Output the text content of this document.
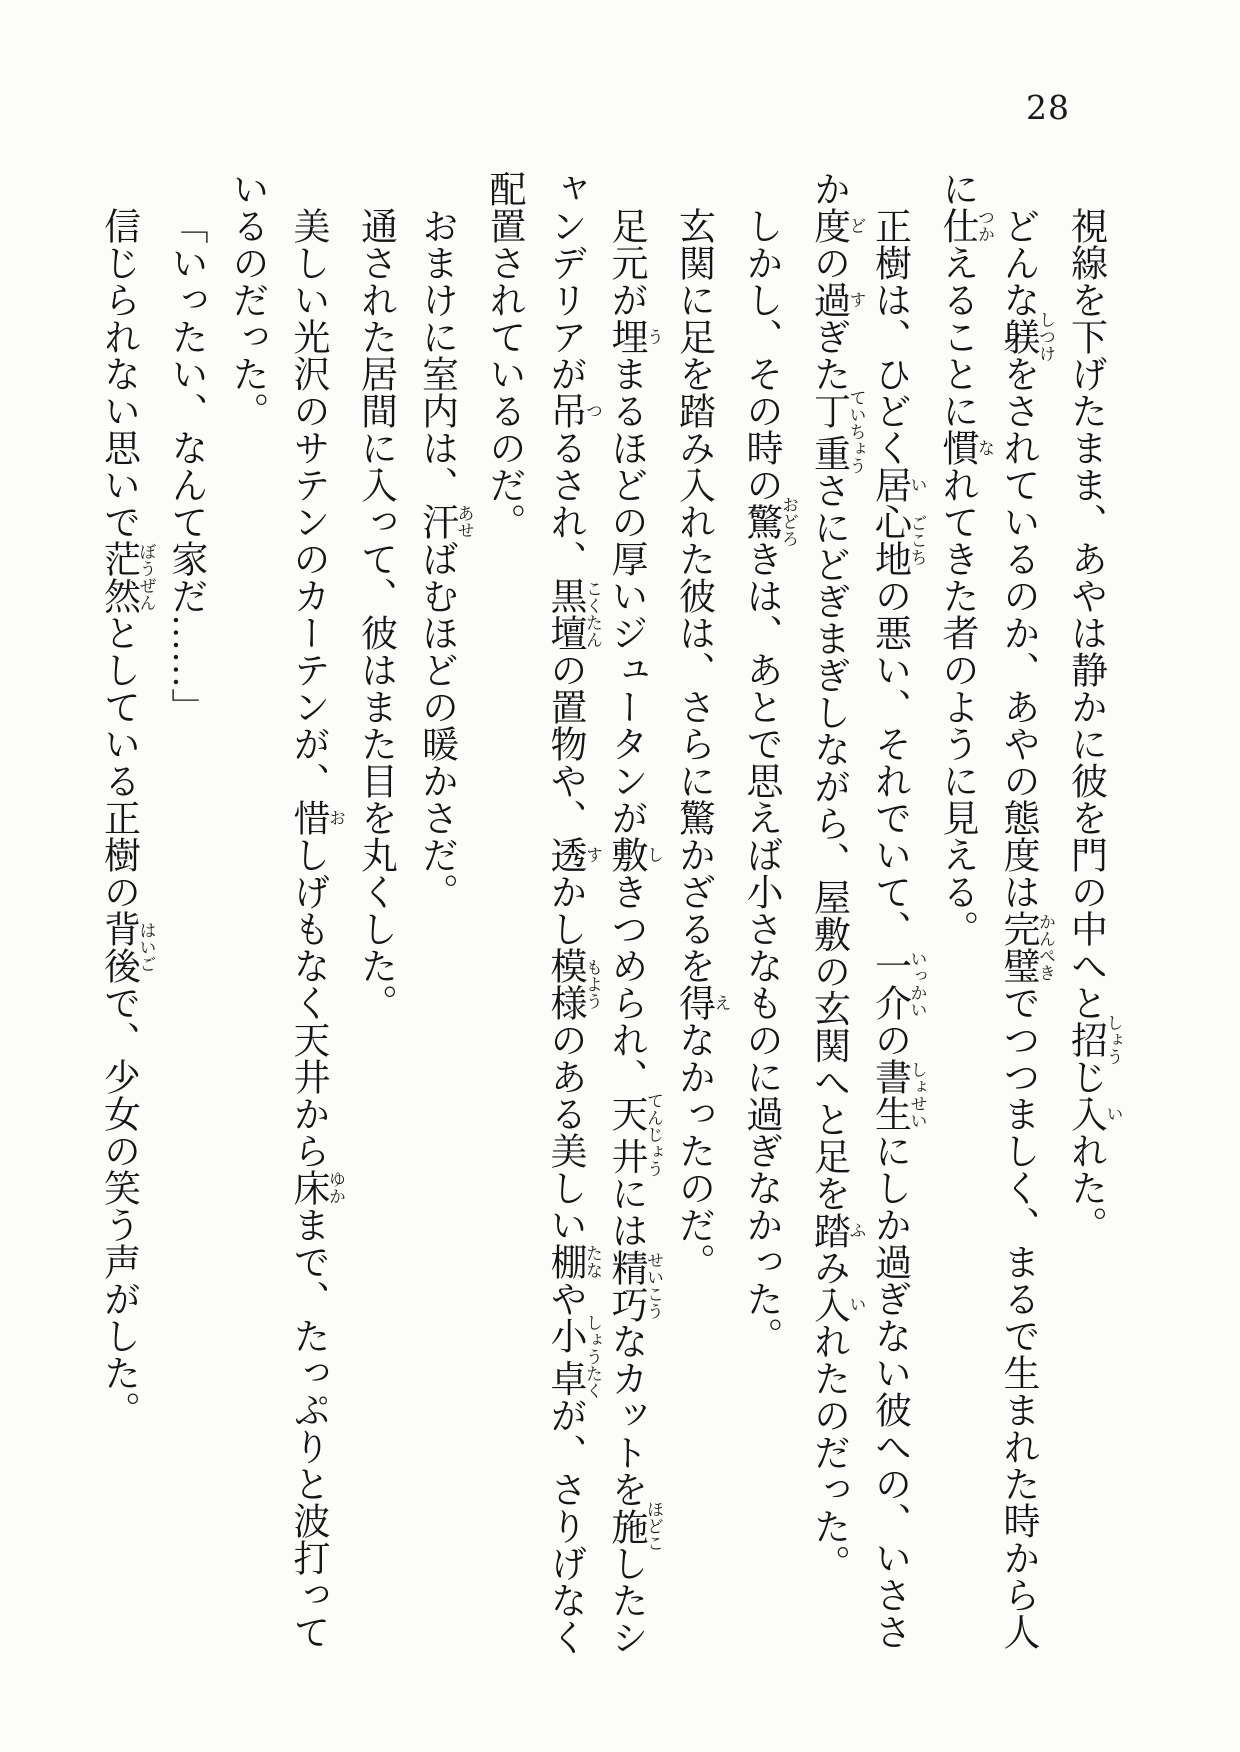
28

視線を下げたまま、あやは静かに彼を門の中へと招しょうじ入いれた。

どんな躾しつけをされているのか、あやの態度は完璧かんぺきでつつましく、まるで生まれた時から人に仕つかえることに慣なれてきた者のように見える。

正樹は、ひどく居い心地ごこちの悪い、それでいて、一介いっかいの書生しょせいにしか過ぎない彼への、いささか度どの過すぎた丁重ていちょうさにどぎまぎしながら、屋敷の玄関へと足を踏ふみ入いれたのだった。

しかし、その時の驚おどろきは、あとで思えば小さなものに過ぎなかった。

玄関に足を踏み入れた彼は、さらに驚かざるを得えなかったのだ。

足元が埋うまるほどの厚いジュータンが敷しきつめられ、天井てんじょうには精巧せいこうなカットを施ほどこしたシャンデリアが吊つるされ、黒壇こくたんの置物や、透すかし模様もようのある美しい棚たなや小卓しょうたくが、さりげなく配置されているのだ。

おまけに室内は、汗あせばむほどの暖かさだ。

通された居間に入って、彼はまた目を丸くした。

美しい光沢のサテンのカーテンが、惜おしげもなく天井から床ゆかまで、たっぷりと波打っているのだった。

「いったい、なんて家だ……」

信じられない思いで茫然ぼうぜんとしている正樹の背後はいごで、少女の笑う声がした。
